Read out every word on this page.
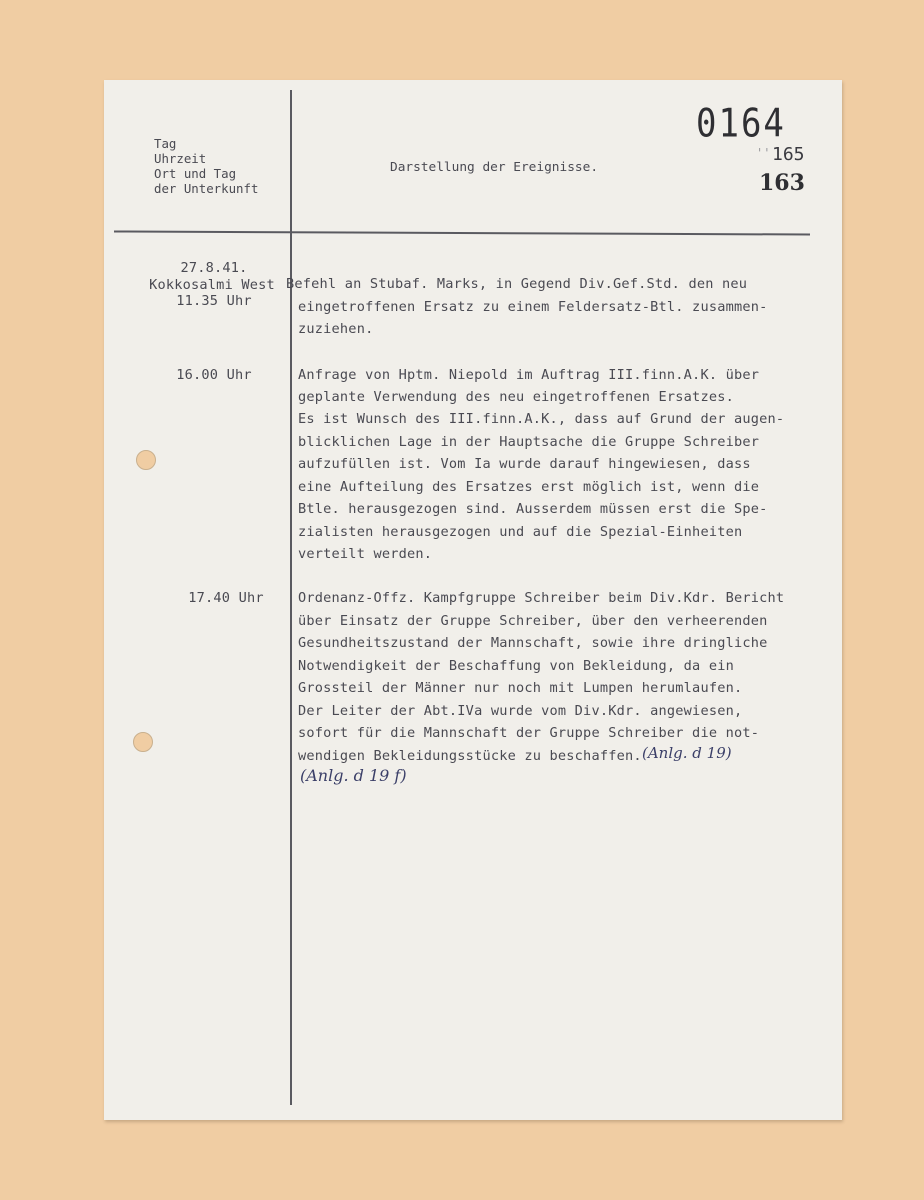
Tag
Uhrzeit
Ort und Tag
der Unterkunft
Darstellung der Ereignisse.
0164
'' 165
163
27.8.41.
Kokkosalmi West
11.35 Uhr
Befehl an Stubaf. Marks, in Gegend Div.Gef.Std. den neu
eingetroffenen Ersatz zu einem Feldersatz-Btl. zusammen-
zuziehen.
16.00 Uhr	Anfrage von Hptm. Niepold im Auftrag III.finn.A.K. über
geplante Verwendung des neu eingetroffenen Ersatzes.
Es ist Wunsch des III.finn.A.K., dass auf Grund der augen-
blicklichen Lage in der Hauptsache die Gruppe Schreiber
aufzufüllen ist. Vom Ia wurde darauf hingewiesen, dass
eine Aufteilung des Ersatzes erst möglich ist, wenn die
Btle. herausgezogen sind. Ausserdem müssen erst die Spe-
zialisten herausgezogen und auf die Spezial-Einheiten
verteilt werden.
17.40 Uhr	Ordenanz-Offz. Kampfgruppe Schreiber beim Div.Kdr. Bericht
über Einsatz der Gruppe Schreiber, über den verheerenden
Gesundheitszustand der Mannschaft, sowie ihre dringliche
Notwendigkeit der Beschaffung von Bekleidung, da ein
Grossteil der Männer nur noch mit Lumpen herumlaufen.
Der Leiter der Abt.IVa wurde vom Div.Kdr. angewiesen,
sofort für die Mannschaft der Gruppe Schreiber die not-
wendigen Bekleidungsstücke zu beschaffen. (Anlg. d 19)
(Anlg. d 19 f)
